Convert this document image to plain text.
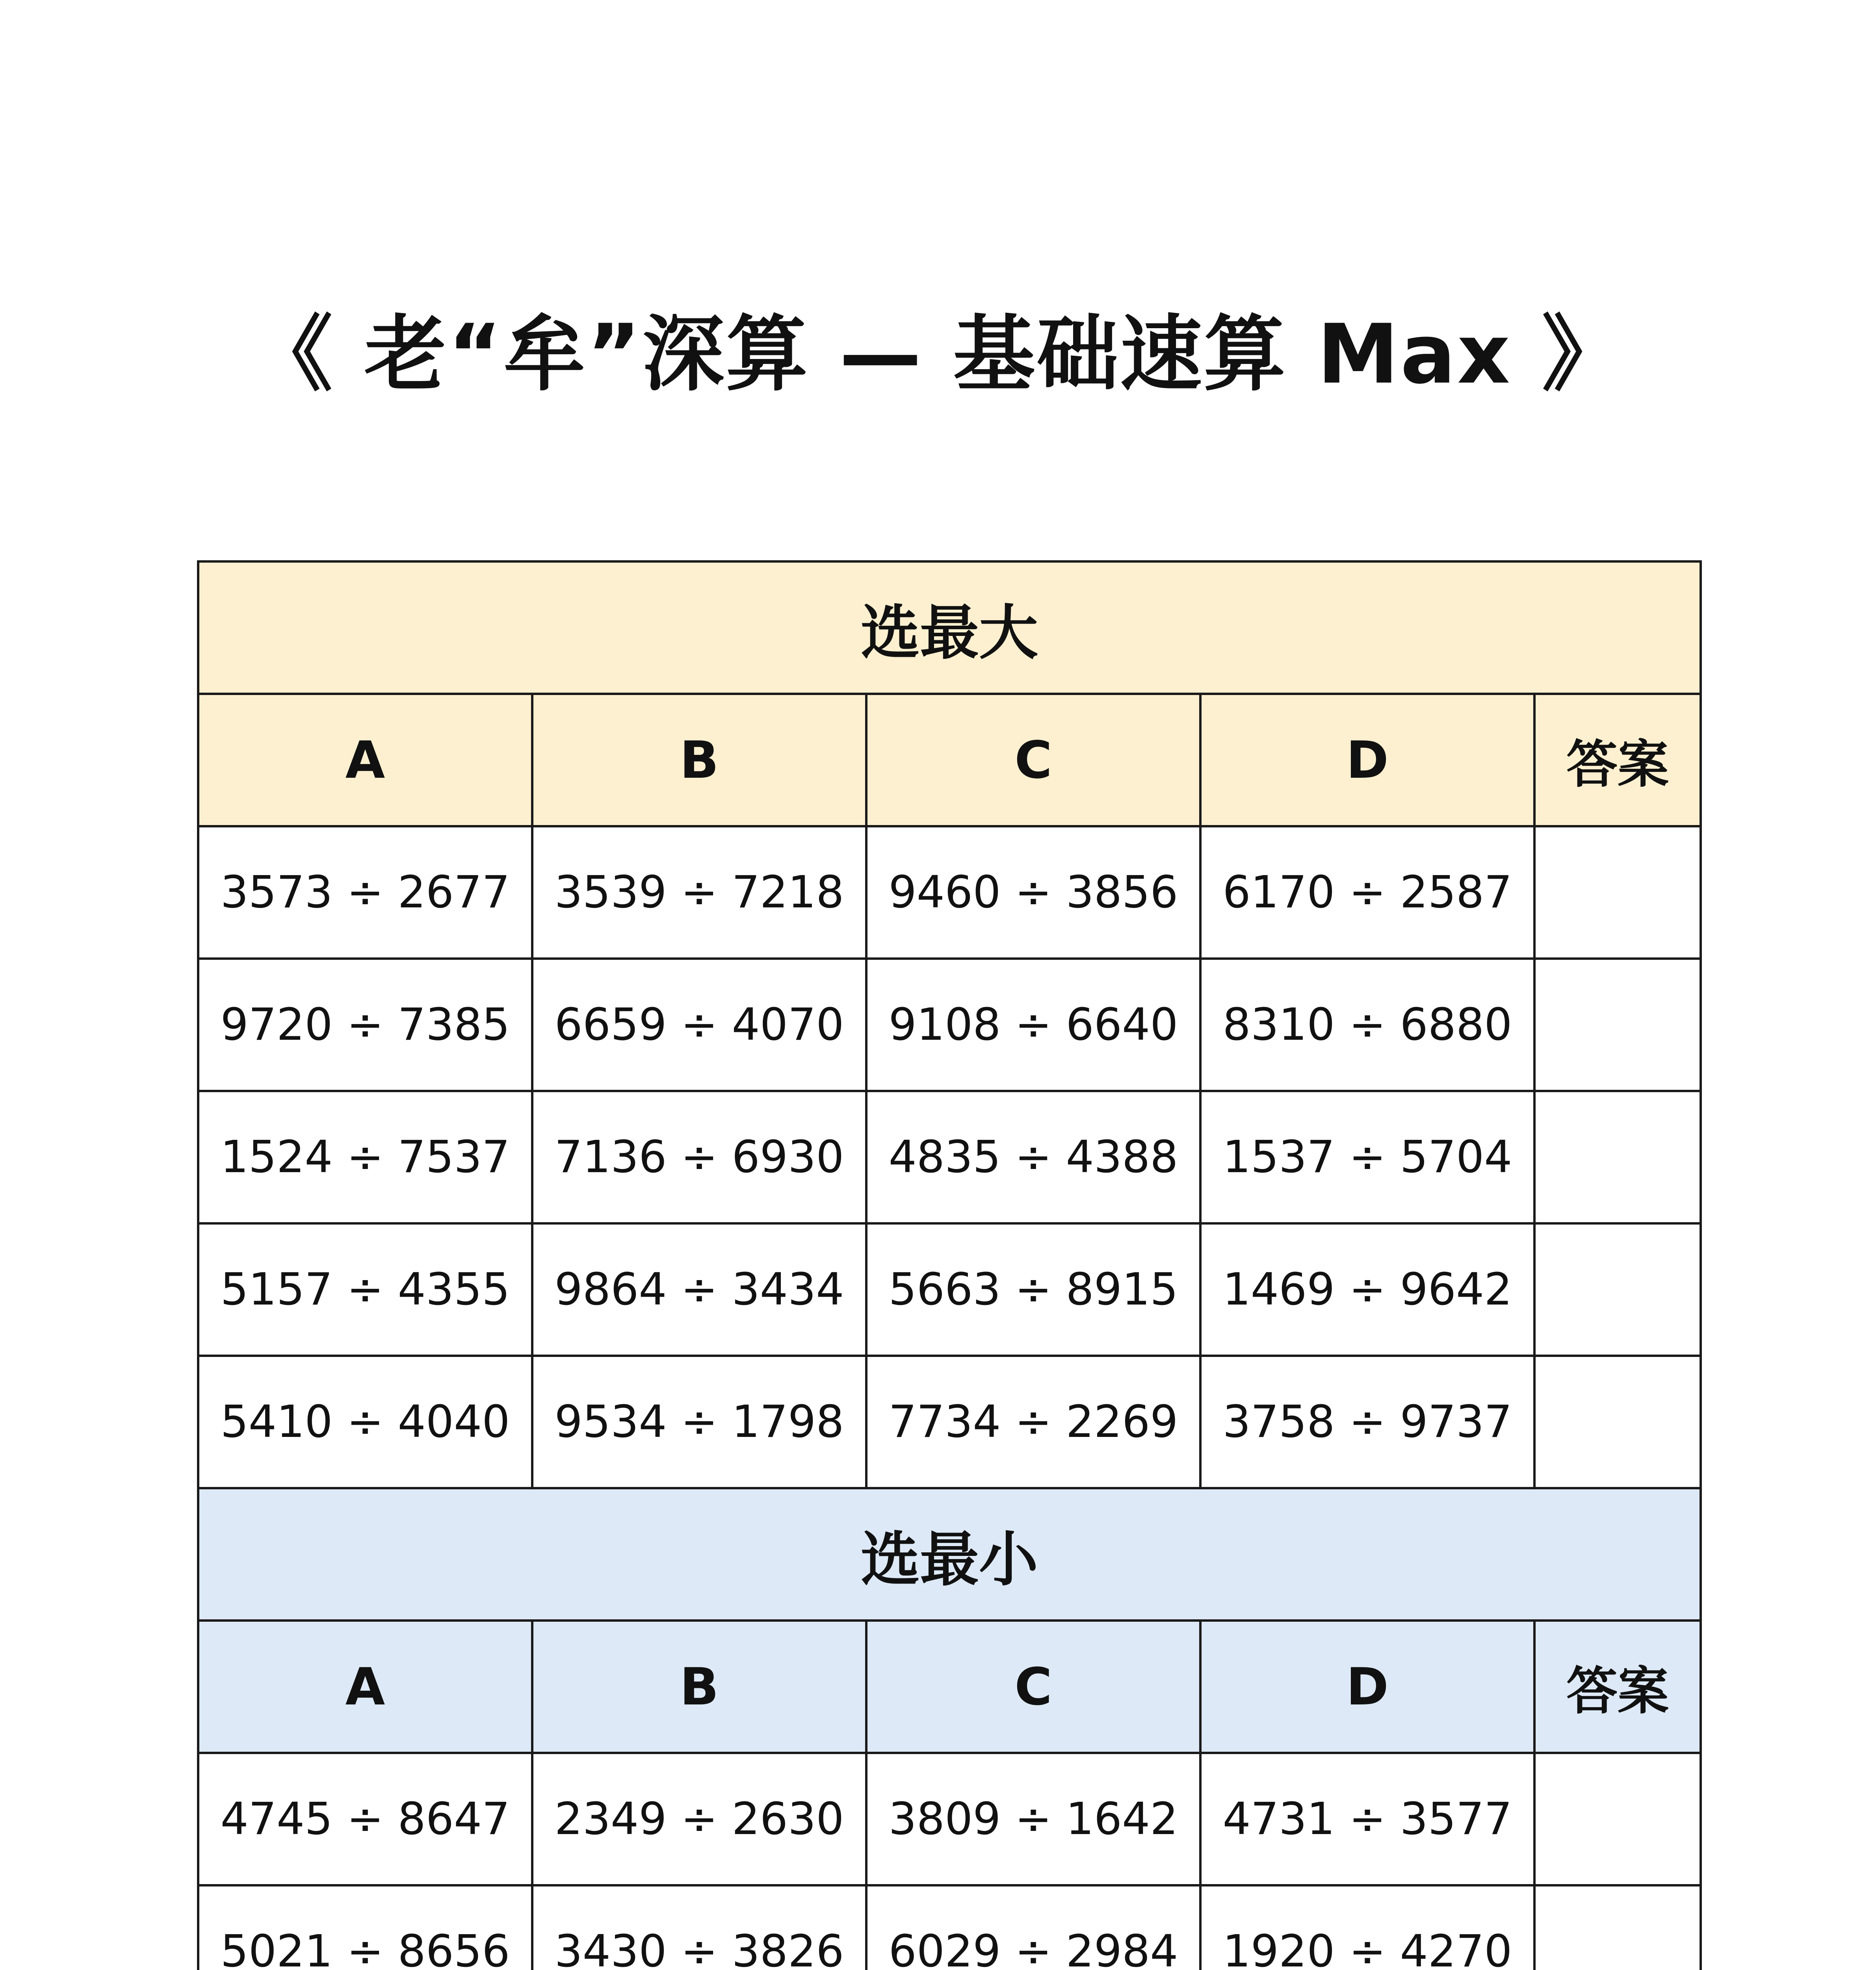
《 老“牟”深算 — 基础速算 Max 》
选最大				
A	B	C	D	答案
3573 ÷ 2677	3539 ÷ 7218	9460 ÷ 3856	6170 ÷ 2587	
9720 ÷ 7385	6659 ÷ 4070	9108 ÷ 6640	8310 ÷ 6880	
1524 ÷ 7537	7136 ÷ 6930	4835 ÷ 4388	1537 ÷ 5704	
5157 ÷ 4355	9864 ÷ 3434	5663 ÷ 8915	1469 ÷ 9642	
5410 ÷ 4040	9534 ÷ 1798	7734 ÷ 2269	3758 ÷ 9737	
选最小				
A	B	C	D	答案
4745 ÷ 8647	2349 ÷ 2630	3809 ÷ 1642	4731 ÷ 3577	
5021 ÷ 8656	3430 ÷ 3826	6029 ÷ 2984	1920 ÷ 4270	
